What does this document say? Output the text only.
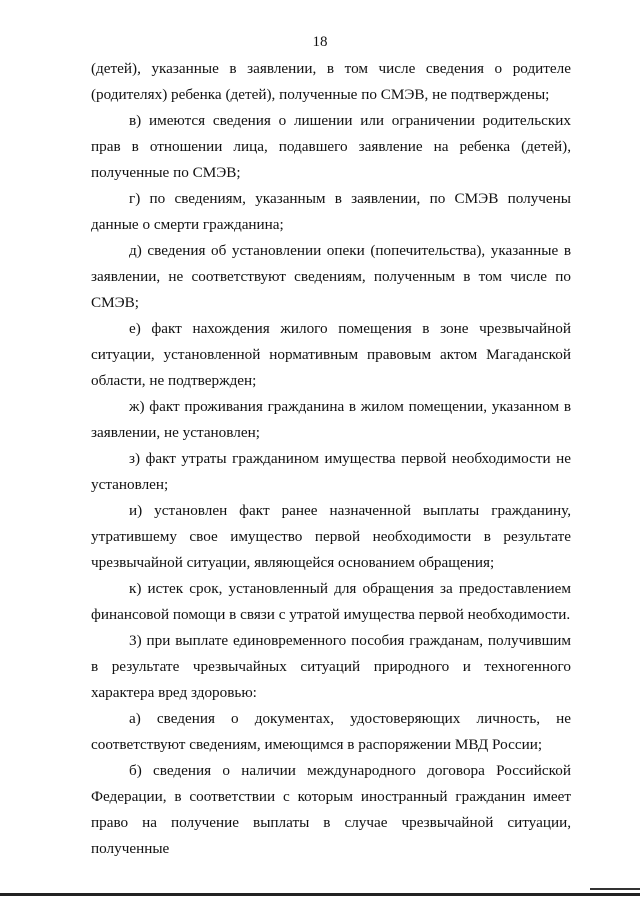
18

(детей), указанные в заявлении, в том числе сведения о родителе (родителях) ребенка (детей), полученные по СМЭВ, не подтверждены;

в) имеются сведения о лишении или ограничении родительских прав в отношении лица, подавшего заявление на ребенка (детей), полученные по СМЭВ;

г) по сведениям, указанным в заявлении, по СМЭВ получены данные о смерти гражданина;

д) сведения об установлении опеки (попечительства), указанные в заявлении, не соответствуют сведениям, полученным в том числе по СМЭВ;

е) факт нахождения жилого помещения в зоне чрезвычайной ситуации, установленной нормативным правовым актом Магаданской области, не подтвержден;

ж) факт проживания гражданина в жилом помещении, указанном в заявлении, не установлен;

з) факт утраты гражданином имущества первой необходимости не установлен;

и) установлен факт ранее назначенной выплаты гражданину, утратившему свое имущество первой необходимости в результате чрезвычайной ситуации, являющейся основанием обращения;

к) истек срок, установленный для обращения за предоставлением финансовой помощи в связи с утратой имущества первой необходимости.

3) при выплате единовременного пособия гражданам, получившим в результате чрезвычайных ситуаций природного и техногенного характера вред здоровью:

а) сведения о документах, удостоверяющих личность, не соответствуют сведениям, имеющимся в распоряжении МВД России;

б) сведения о наличии международного договора Российской Федерации, в соответствии с которым иностранный гражданин имеет право на получение выплаты в случае чрезвычайной ситуации, полученные
